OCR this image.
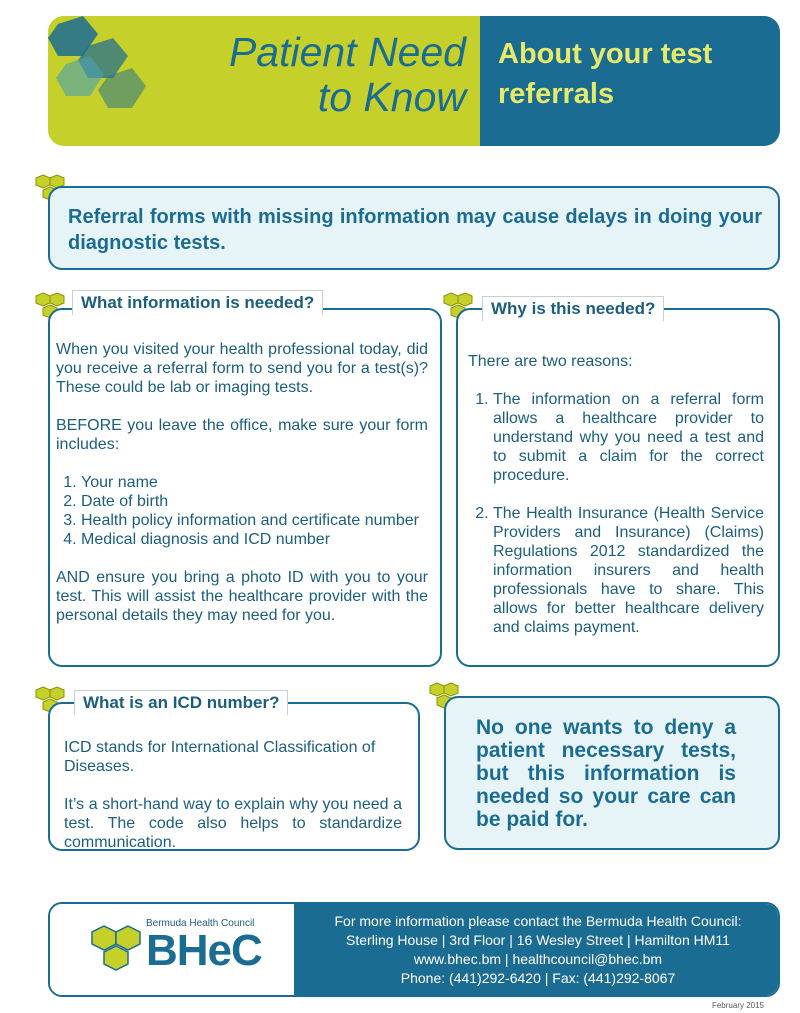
Patient Need
to Know
About your test
referrals
Referral forms with missing information may cause delays in doing your diagnostic tests.

When you visited your health professional today, did you receive a referral form to send you for a test(s)? These could be lab or imaging tests.

BEFORE you leave the office, make sure your form includes:

1. Your name
2. Date of birth
3. Health policy information and certificate number
4. Medical diagnosis and ICD number

AND ensure you bring a photo ID with you to your test. This will assist the healthcare provider with the personal details they may need for you.

What information is needed?

There are two reasons:

1. The information on a referral form allows a healthcare provider to understand why you need a test and to submit a claim for the correct procedure.
2. The Health Insurance (Health Service Providers and Insurance) (Claims) Regulations 2012 standardized the information insurers and health professionals have to share. This allows for better healthcare delivery and claims payment.
Why is this needed?

ICD stands for International Classification of Diseases.

It’s a short-hand way to explain why you need a test. The code also helps to standardize communication.

What is an ICD number?
No one wants to deny a patient necessary tests, but this information is needed so your care can be paid for.
Bermuda Health Council
BHeC
For more information please contact the Bermuda Health Council:
Sterling House | 3rd Floor | 16 Wesley Street | Hamilton HM11
www.bhec.bm | healthcouncil@bhec.bm
Phone: (441)292-6420 | Fax: (441)292-8067
February 2015
